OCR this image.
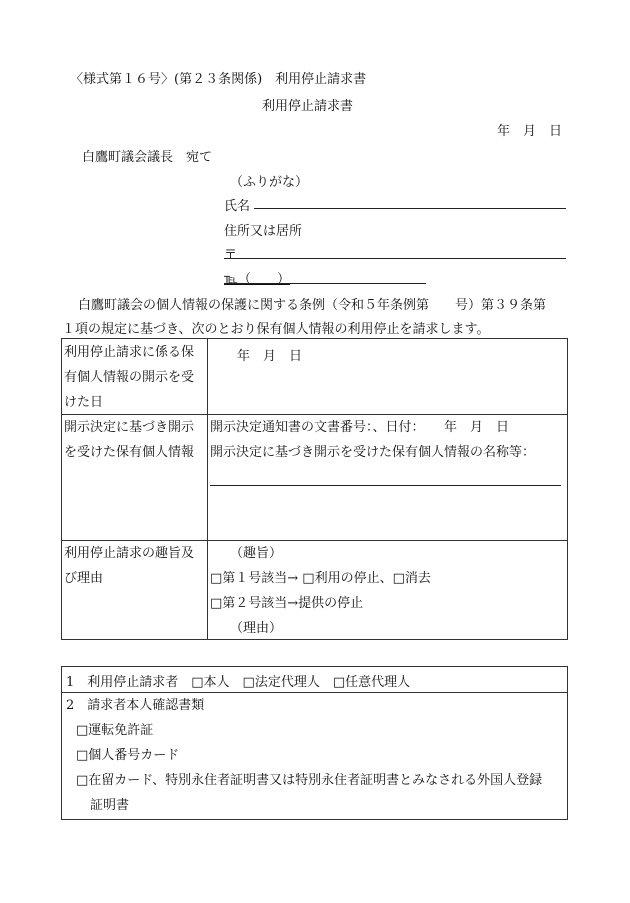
〈様式第１６号〉(第２３条関係)　利用停止請求書
利用停止請求書
年　月　日
白鷹町議会議長　宛て
（ふりがな）
氏名
住所又は居所
〒
℡（　　）
白鷹町議会の個人情報の保護に関する条例（令和５年条例第　　号）第３９条第
１項の規定に基づき、次のとおり保有個人情報の利用停止を請求します。
利用停止請求に係る保
有個人情報の開示を受
けた日
年　月　日
開示決定に基づき開示
を受けた保有個人情報
開示決定通知書の文書番号：、日付：　　年　月　日
開示決定に基づき開示を受けた保有個人情報の名称等：
利用停止請求の趣旨及
び理由
（趣旨）
□第１号該当→ □利用の停止、□消去
□第２号該当→提供の停止
（理由）
1　利用停止請求者　□本人　□法定代理人　□任意代理人
2　請求者本人確認書類
□運転免許証
□個人番号カード
□在留カード、特別永住者証明書又は特別永住者証明書とみなされる外国人登録
証明書
